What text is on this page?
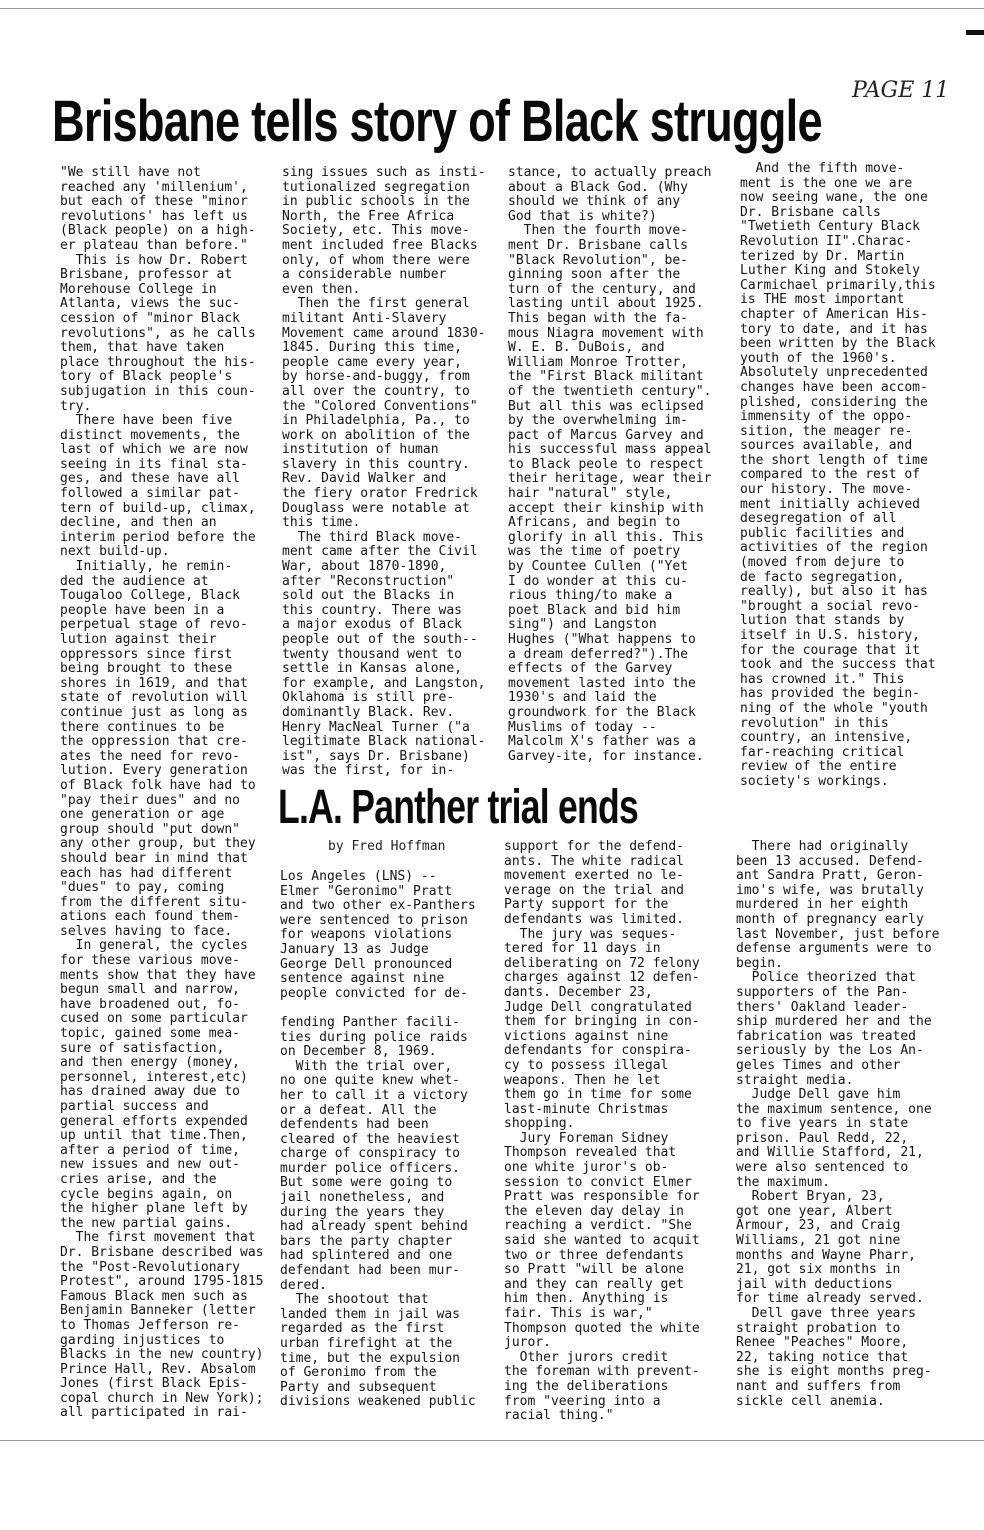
PAGE 11
Brisbane tells story of Black struggle
"We still have not
reached any 'millenium',
but each of these "minor
revolutions' has left us
(Black people) on a high-
er plateau than before."
This is how Dr. Robert
Brisbane, professor at
Morehouse College in
Atlanta, views the suc-
cession of "minor Black
revolutions", as he calls
them, that have taken
place throughout the his-
tory of Black people's
subjugation in this coun-
try.
There have been five
distinct movements, the
last of which we are now
seeing in its final sta-
ges, and these have all
followed a similar pat-
tern of build-up, climax,
decline, and then an
interim period before the
next build-up.
Initially, he remin-
ded the audience at
Tougaloo College, Black
people have been in a
perpetual stage of revo-
lution against their
oppressors since first
being brought to these
shores in 1619, and that
state of revolution will
continue just as long as
there continues to be
the oppression that cre-
ates the need for revo-
lution. Every generation
of Black folk have had to
"pay their dues" and no
one generation or age
group should "put down"
any other group, but they
should bear in mind that
each has had different
"dues" to pay, coming
from the different situ-
ations each found them-
selves having to face.
In general, the cycles
for these various move-
ments show that they have
begun small and narrow,
have broadened out, fo-
cused on some particular
topic, gained some mea-
sure of satisfaction,
and then energy (money,
personnel, interest,etc)
has drained away due to
partial success and
general efforts expended
up until that time.Then,
after a period of time,
new issues and new out-
cries arise, and the
cycle begins again, on
the higher plane left by
the new partial gains.
The first movement that
Dr. Brisbane described was
the "Post-Revolutionary
Protest", around 1795-1815
Famous Black men such as
Benjamin Banneker (letter
to Thomas Jefferson re-
garding injustices to
Blacks in the new country)
Prince Hall, Rev. Absalom
Jones (first Black Epis-
copal church in New York);
all participated in rai-
sing issues such as insti-
tutionalized segregation
in public schools in the
North, the Free Africa
Society, etc. This move-
ment included free Blacks
only, of whom there were
a considerable number
even then.
Then the first general
militant Anti-Slavery
Movement came around 1830-
1845. During this time,
people came every year,
by horse-and-buggy, from
all over the country, to
the "Colored Conventions"
in Philadelphia, Pa., to
work on abolition of the
institution of human
slavery in this country.
Rev. David Walker and
the fiery orator Fredrick
Douglass were notable at
this time.
The third Black move-
ment came after the Civil
War, about 1870-1890,
after "Reconstruction"
sold out the Blacks in
this country. There was
a major exodus of Black
people out of the south--
twenty thousand went to
settle in Kansas alone,
for example, and Langston,
Oklahoma is still pre-
dominantly Black. Rev.
Henry MacNeal Turner ("a
legitimate Black national-
ist", says Dr. Brisbane)
was the first, for in-
stance, to actually preach
about a Black God. (Why
should we think of any
God that is white?)
Then the fourth move-
ment Dr. Brisbane calls
"Black Revolution", be-
ginning soon after the
turn of the century, and
lasting until about 1925.
This began with the fa-
mous Niagra movement with
W. E. B. DuBois, and
William Monroe Trotter,
the "First Black militant
of the twentieth century".
But all this was eclipsed
by the overwhelming im-
pact of Marcus Garvey and
his successful mass appeal
to Black peole to respect
their heritage, wear their
hair "natural" style,
accept their kinship with
Africans, and begin to
glorify in all this. This
was the time of poetry
by Countee Cullen ("Yet
I do wonder at this cu-
rious thing/to make a
poet Black and bid him
sing") and Langston
Hughes ("What happens to
a dream deferred?").The
effects of the Garvey
movement lasted into the
1930's and laid the
groundwork for the Black
Muslims of today --
Malcolm X's father was a
Garvey-ite, for instance.
And the fifth move-
ment is the one we are
now seeing wane, the one
Dr. Brisbane calls
"Twetieth Century Black
Revolution II".Charac-
terized by Dr. Martin
Luther King and Stokely
Carmichael primarily,this
is THE most important
chapter of American His-
tory to date, and it has
been written by the Black
youth of the 1960's.
Absolutely unprecedented
changes have been accom-
plished, considering the
immensity of the oppo-
sition, the meager re-
sources available, and
the short length of time
compared to the rest of
our history. The move-
ment initially achieved
desegregation of all
public facilities and
activities of the region
(moved from dejure to
de facto segregation,
really), but also it has
"brought a social revo-
lution that stands by
itself in U.S. history,
for the courage that it
took and the success that
has crowned it." This
has provided the begin-
ning of the whole "youth
revolution" in this
country, an intensive,
far-reaching critical
review of the entire
society's workings.
L.A. Panther trial ends
by Fred Hoffman
Los Angeles (LNS) --
Elmer "Geronimo" Pratt
and two other ex-Panthers
were sentenced to prison
for weapons violations
January 13 as Judge
George Dell pronounced
sentence against nine
people convicted for de-

fending Panther facili-
ties during police raids
on December 8, 1969.
With the trial over,
no one quite knew whet-
her to call it a victory
or a defeat. All the
defendents had been
cleared of the heaviest
charge of conspiracy to
murder police officers.
But some were going to
jail nonetheless, and
during the years they
had already spent behind
bars the party chapter
had splintered and one
defendant had been mur-
dered.
The shootout that
landed them in jail was
regarded as the first
urban firefight at the
time, but the expulsion
of Geronimo from the
Party and subsequent
divisions weakened public
support for the defend-
ants. The white radical
movement exerted no le-
verage on the trial and
Party support for the
defendants was limited.
The jury was seques-
tered for 11 days in
deliberating on 72 felony
charges against 12 defen-
dants. December 23,
Judge Dell congratulated
them for bringing in con-
victions against nine
defendants for conspira-
cy to possess illegal
weapons. Then he let
them go in time for some
last-minute Christmas
shopping.
Jury Foreman Sidney
Thompson revealed that
one white juror's ob-
session to convict Elmer
Pratt was responsible for
the eleven day delay in
reaching a verdict. "She
said she wanted to acquit
two or three defendants
so Pratt "will be alone
and they can really get
him then. Anything is
fair. This is war,"
Thompson quoted the white
juror.
Other jurors credit
the foreman with prevent-
ing the deliberations
from "veering into a
racial thing."
There had originally
been 13 accused. Defend-
ant Sandra Pratt, Geron-
imo's wife, was brutally
murdered in her eighth
month of pregnancy early
last November, just before
defense arguments were to
begin.
Police theorized that
supporters of the Pan-
thers' Oakland leader-
ship murdered her and the
fabrication was treated
seriously by the Los An-
geles Times and other
straight media.
Judge Dell gave him
the maximum sentence, one
to five years in state
prison. Paul Redd, 22,
and Willie Stafford, 21,
were also sentenced to
the maximum.
Robert Bryan, 23,
got one year, Albert
Armour, 23, and Craig
Williams, 21 got nine
months and Wayne Pharr,
21, got six months in
jail with deductions
for time already served.
Dell gave three years
straight probation to
Renee "Peaches" Moore,
22, taking notice that
she is eight months preg-
nant and suffers from
sickle cell anemia.
